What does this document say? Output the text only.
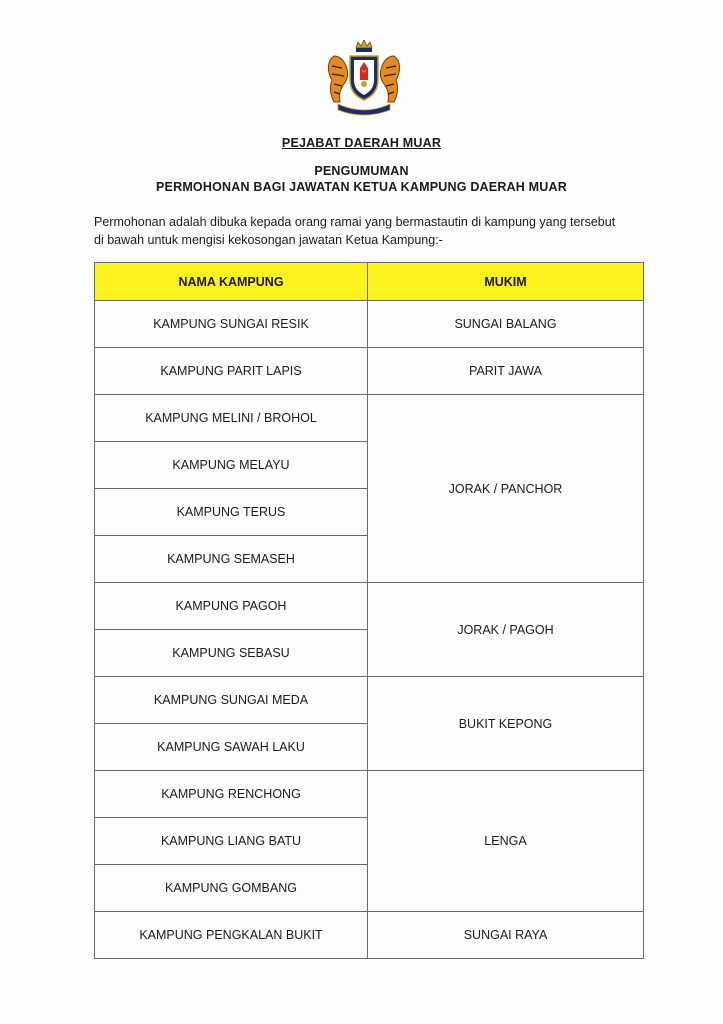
PEJABAT DAERAH MUAR
PENGUMUMAN
PERMOHONAN BAGI JAWATAN KETUA KAMPUNG DAERAH MUAR
Permohonan adalah dibuka kepada orang ramai yang bermastautin di kampung yang tersebut
di bawah untuk mengisi kekosongan jawatan Ketua Kampung:-
NAMA KAMPUNG	MUKIM
KAMPUNG SUNGAI RESIK	SUNGAI BALANG
KAMPUNG PARIT LAPIS	PARIT JAWA
KAMPUNG MELINI / BROHOL	JORAK / PANCHOR
KAMPUNG MELAYU	
KAMPUNG TERUS	
KAMPUNG SEMASEH	
KAMPUNG PAGOH	JORAK / PAGOH
KAMPUNG SEBASU	
KAMPUNG SUNGAI MEDA	BUKIT KEPONG
KAMPUNG SAWAH LAKU	
KAMPUNG RENCHONG	LENGA
KAMPUNG LIANG BATU	
KAMPUNG GOMBANG	
KAMPUNG PENGKALAN BUKIT	SUNGAI RAYA
